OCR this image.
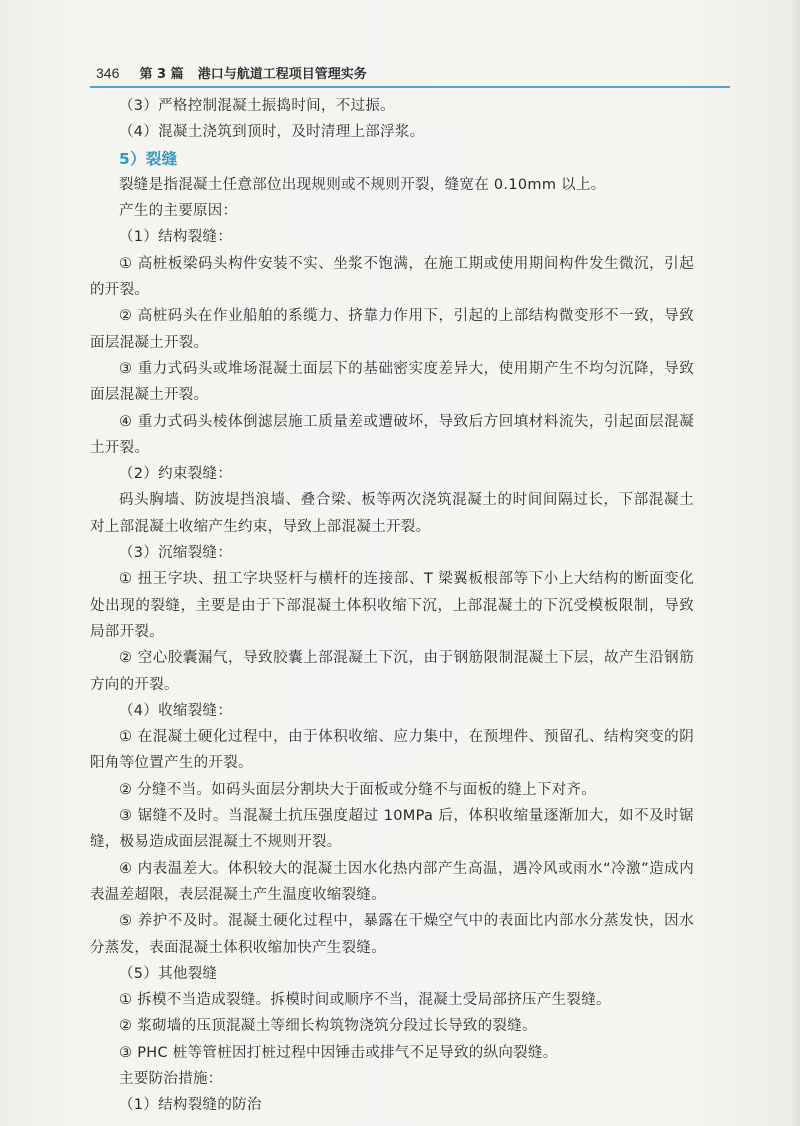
346 第 3 篇 港口与航道工程项目管理实务

（3）严格控制混凝土振捣时间，不过振。

（4）混凝土浇筑到顶时，及时清理上部浮浆。

5）裂缝

裂缝是指混凝土任意部位出现规则或不规则开裂，缝宽在 0.10mm 以上。

产生的主要原因：

（1）结构裂缝：

① 高桩板梁码头构件安装不实、坐浆不饱满，在施工期或使用期间构件发生微沉，引起的开裂。

② 高桩码头在作业船舶的系缆力、挤靠力作用下，引起的上部结构微变形不一致，导致面层混凝土开裂。

③ 重力式码头或堆场混凝土面层下的基础密实度差异大，使用期产生不均匀沉降，导致面层混凝土开裂。

④ 重力式码头棱体倒滤层施工质量差或遭破坏，导致后方回填材料流失，引起面层混凝土开裂。

（2）约束裂缝：

码头胸墙、防波堤挡浪墙、叠合梁、板等两次浇筑混凝土的时间间隔过长，下部混凝土对上部混凝土收缩产生约束，导致上部混凝土开裂。

（3）沉缩裂缝：

① 扭王字块、扭工字块竖杆与横杆的连接部、T 梁翼板根部等下小上大结构的断面变化处出现的裂缝，主要是由于下部混凝土体积收缩下沉，上部混凝土的下沉受模板限制，导致局部开裂。

② 空心胶囊漏气，导致胶囊上部混凝土下沉，由于钢筋限制混凝土下层，故产生沿钢筋方向的开裂。

（4）收缩裂缝：

① 在混凝土硬化过程中，由于体积收缩、应力集中，在预埋件、预留孔、结构突变的阴阳角等位置产生的开裂。

② 分缝不当。如码头面层分割块大于面板或分缝不与面板的缝上下对齐。

③ 锯缝不及时。当混凝土抗压强度超过 10MPa 后，体积收缩量逐渐加大，如不及时锯缝，极易造成面层混凝土不规则开裂。

④ 内表温差大。体积较大的混凝土因水化热内部产生高温，遇冷风或雨水“冷激”造成内表温差超限，表层混凝土产生温度收缩裂缝。

⑤ 养护不及时。混凝土硬化过程中，暴露在干燥空气中的表面比内部水分蒸发快，因水分蒸发，表面混凝土体积收缩加快产生裂缝。

（5）其他裂缝

① 拆模不当造成裂缝。拆模时间或顺序不当，混凝土受局部挤压产生裂缝。

② 浆砌墙的压顶混凝土等细长构筑物浇筑分段过长导致的裂缝。

③ PHC 桩等管桩因打桩过程中因锤击或排气不足导致的纵向裂缝。

主要防治措施：

（1）结构裂缝的防治
